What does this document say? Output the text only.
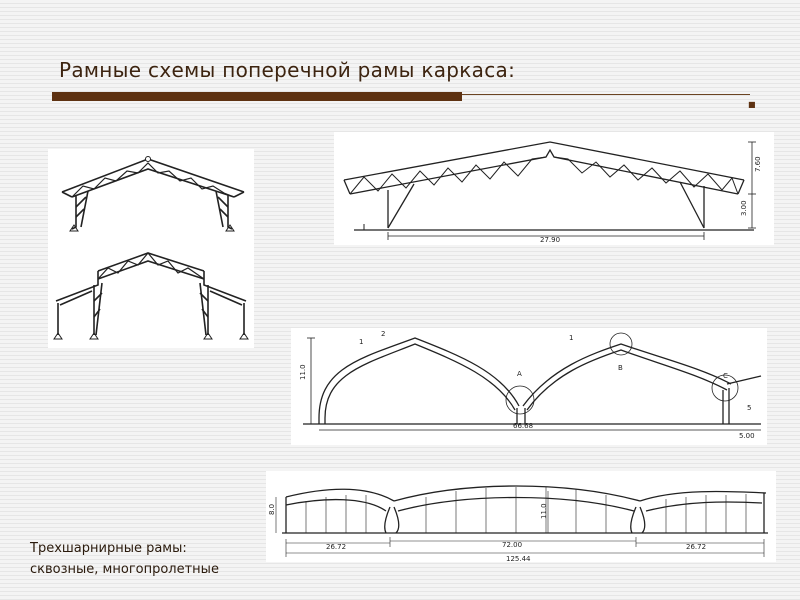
Рамные схемы поперечной рамы каркаса:
■
27.90
7.60
3.00
11.0
1
2	1
A
B
C
5
66.68
5.00
8.0	11.0
26.72	72.00	26.72
125.44
Трехшарнирные рамы:
сквозные, многопролетные
